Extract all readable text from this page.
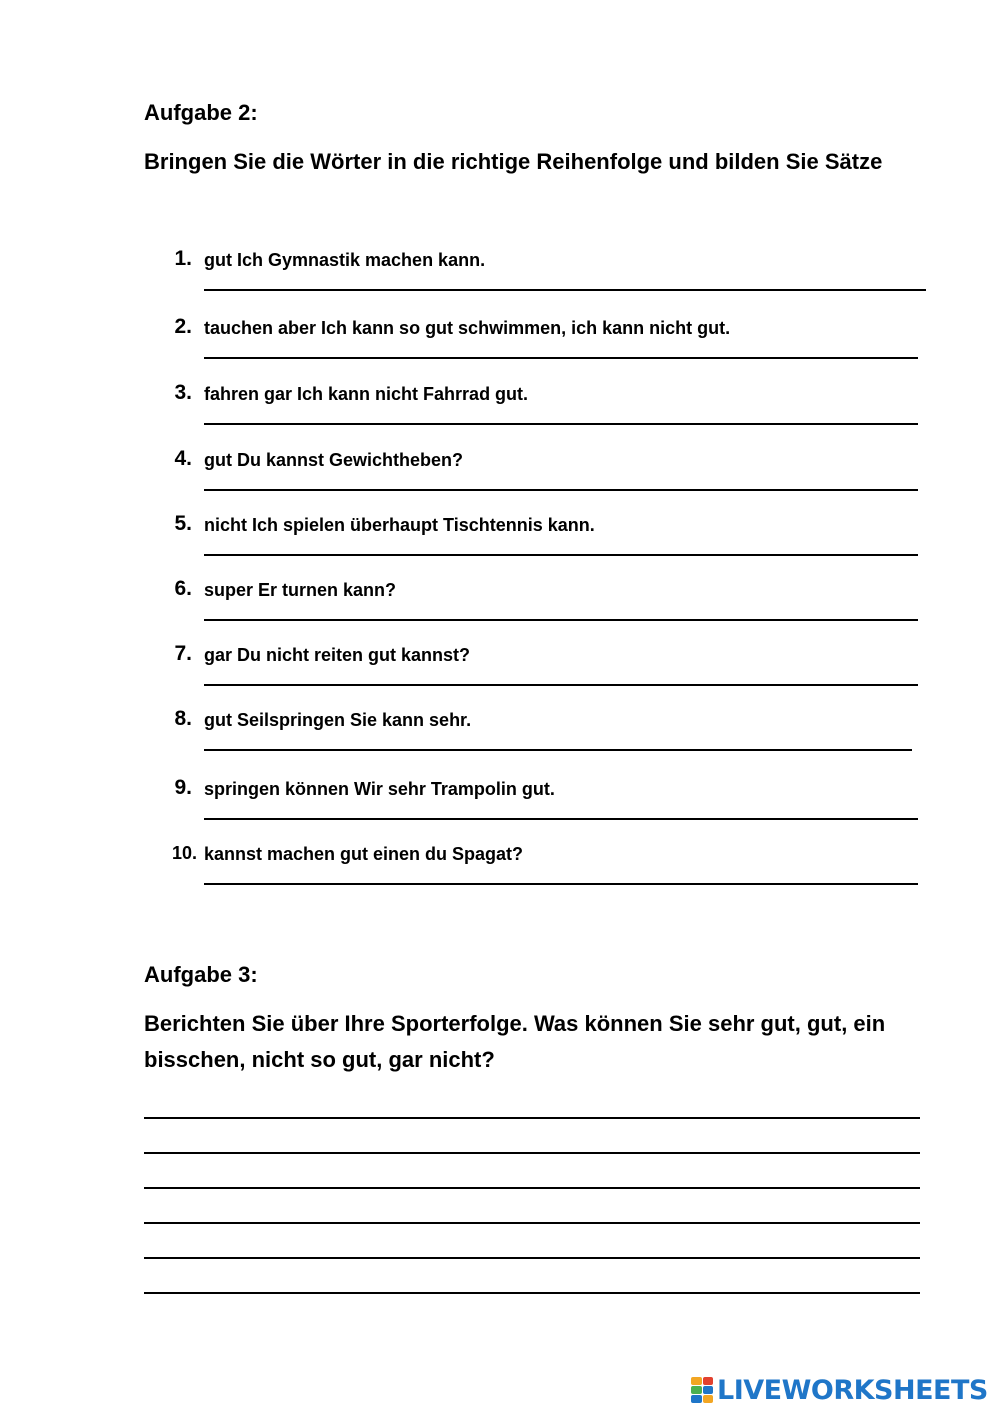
Aufgabe 2:
Bringen Sie die Wörter in die richtige Reihenfolge und bilden Sie Sätze
1. gut Ich Gymnastik machen kann.
2. tauchen aber Ich kann so gut schwimmen, ich kann nicht gut.
3. fahren gar Ich kann nicht Fahrrad gut.
4. gut Du kannst Gewichtheben?
5. nicht Ich spielen überhaupt Tischtennis kann.
6. super Er turnen kann?
7. gar Du nicht reiten gut kannst?
8. gut Seilspringen Sie kann sehr.
9. springen können Wir sehr Trampolin gut.
10. kannst machen gut einen du Spagat?
Aufgabe 3:
Berichten Sie über Ihre Sporterfolge. Was können Sie sehr gut, gut, ein
bisschen, nicht so gut, gar nicht?
LIVEWORKSHEETS
